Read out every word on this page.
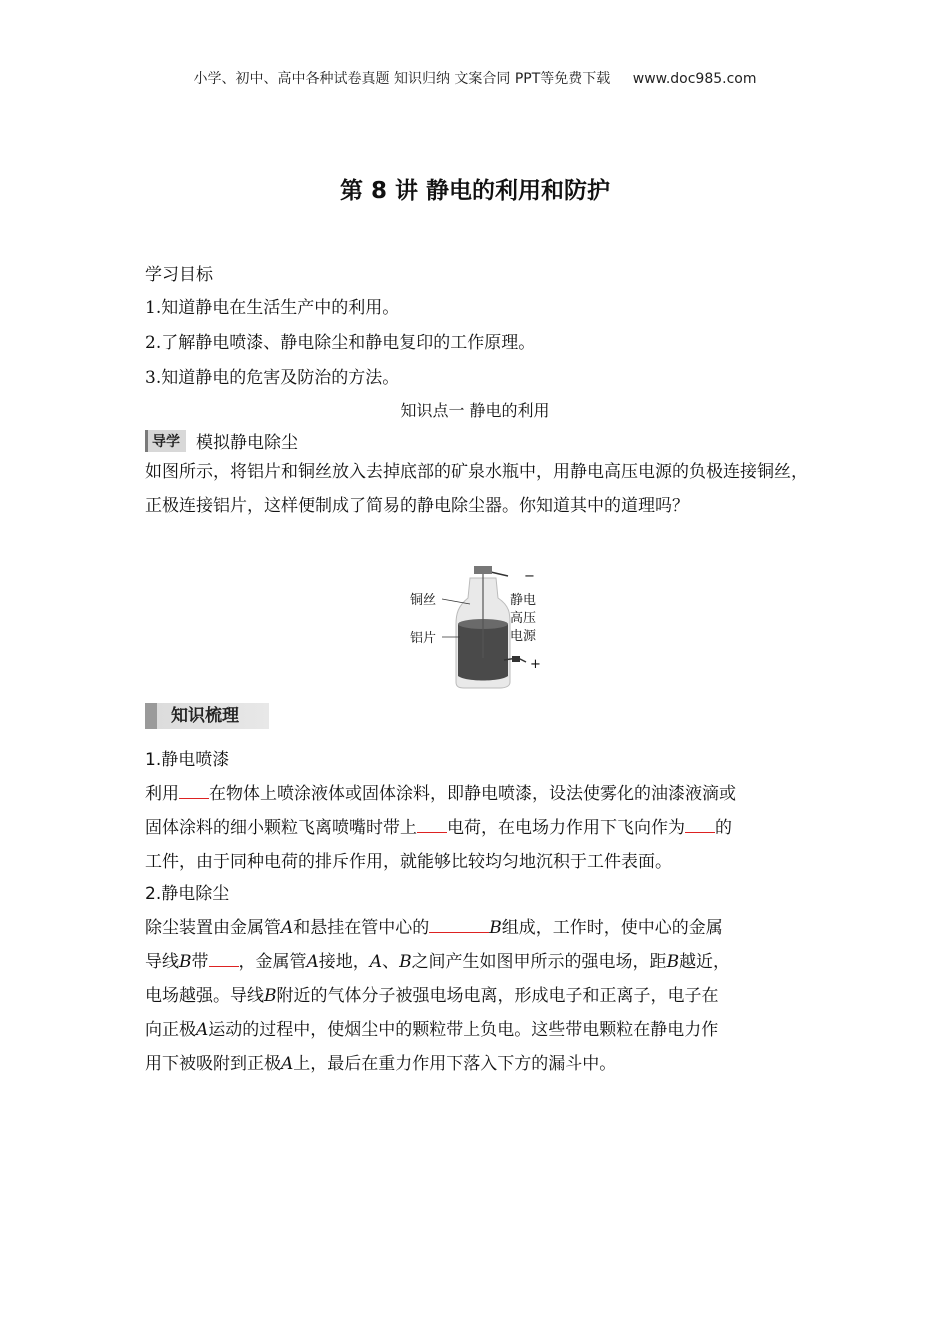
小学、初中、高中各种试卷真题 知识归纳 文案合同 PPT等免费下载 www.doc985.com
第 8 讲 静电的利用和防护
学习目标
1.知道静电在生活生产中的利用。
2.了解静电喷漆、静电除尘和静电复印的工作原理。
3.知道静电的危害及防治的方法。
知识点一 静电的利用
导学 模拟静电除尘
如图所示，将铝片和铜丝放入去掉底部的矿泉水瓶中，用静电高压电源的负极连接铜丝，正极连接铝片，这样便制成了简易的静电除尘器。你知道其中的道理吗？
铜丝
铝片
静电
高压
电源
−
+
知识梳理
1.静电喷漆
利用 在物体上喷涂液体或固体涂料，即静电喷漆，设法使雾化的油漆液滴或
固体涂料的细小颗粒飞离喷嘴时带上 电荷，在电场力作用下飞向作为 的
工件，由于同种电荷的排斥作用，就能够比较均匀地沉积于工件表面。
2.静电除尘
除尘装置由金属管A和悬挂在管中心的	B组成，工作时，使中心的金属
导线B带 ，金属管A接地，A、B之间产生如图甲所示的强电场，距B越近，
电场越强。导线B附近的气体分子被强电场电离，形成电子和正离子，电子在
向正极A运动的过程中，使烟尘中的颗粒带上负电。这些带电颗粒在静电力作
用下被吸附到正极A上，最后在重力作用下落入下方的漏斗中。
